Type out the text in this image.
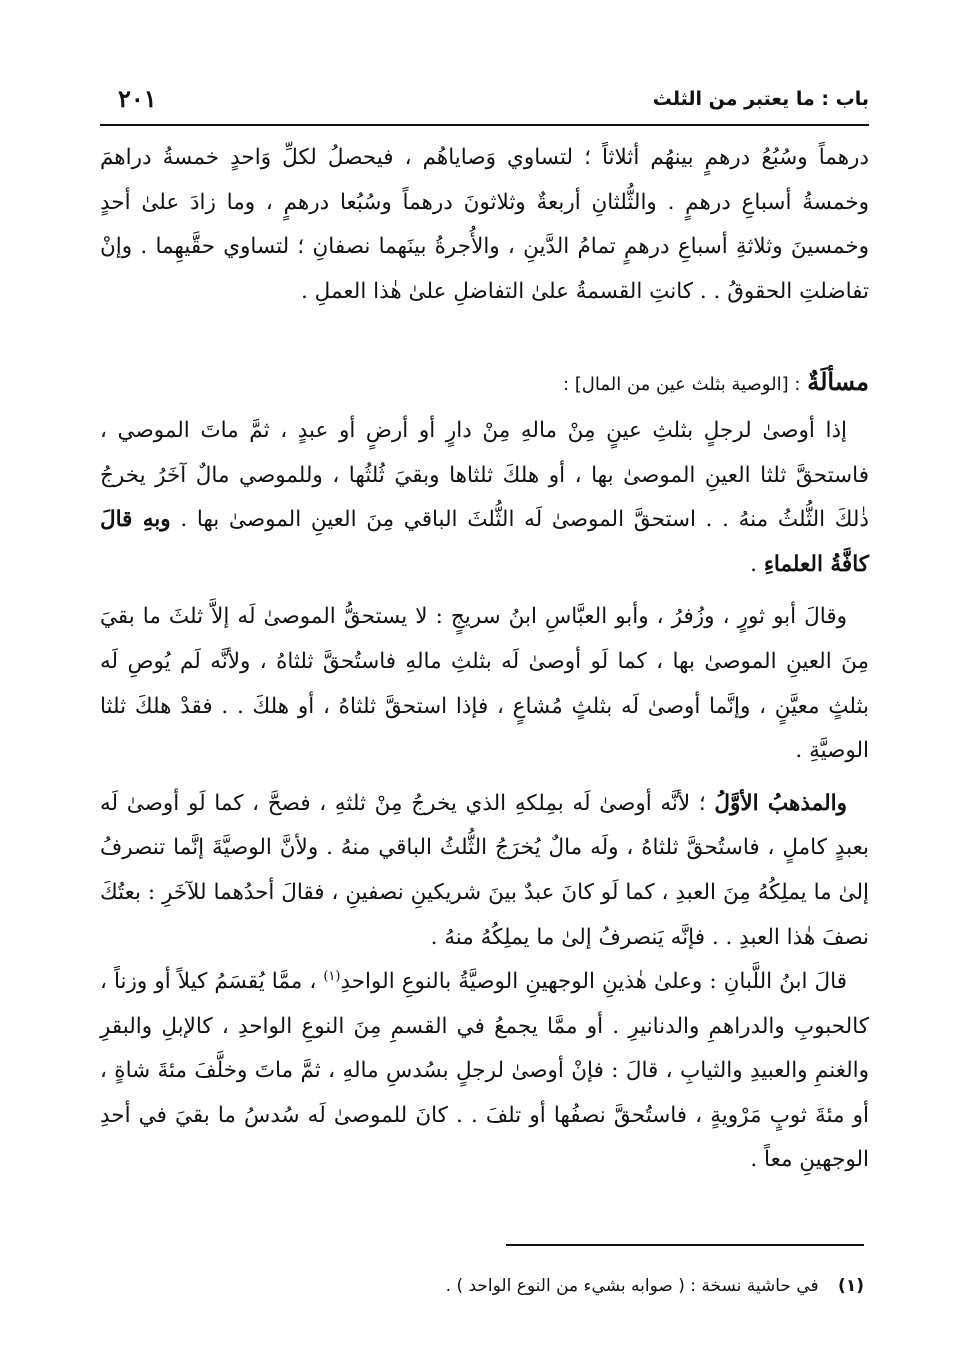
باب : ما يعتبر من الثلث
٢٠١

درهماً وسُبُعُ درهمٍ بينهُم أثلاثاً ؛ لتساوي وَصاياهُم ، فيحصلُ لكلِّ وَاحدٍ خمسةُ دراهمَ وخمسةُ أسباعِ درهمٍ . والثُّلثانِ أربعةٌ وثلاثونَ درهماً وسُبُعا درهمٍ ، وما زادَ علىٰ أحدٍ وخمسينَ وثلاثةِ أسباعِ درهمٍ تمامُ الدَّينِ ، والأُجرةُ بينَهما نصفانِ ؛ لتساوي حقَّيهِما . وإنْ تفاضلتِ الحقوقُ . . كانتِ القسمةُ علىٰ التفاضلِ علىٰ هٰذا العملِ .

مسألَةٌ : [الوصية بثلث عين من المال] :

إذا أوصىٰ لرجلٍ بثلثِ عينٍ مِنْ مالهِ مِنْ دارٍ أو أرضٍ أو عبدٍ ، ثمَّ ماتَ الموصي ، فاستحقَّ ثلثا العينِ الموصىٰ بها ، أو هلكَ ثلثاها وبقيَ ثُلثُها ، وللموصي مالٌ آخَرُ يخرجُ ذٰلكَ الثُّلثُ منهُ . . استحقَّ الموصىٰ لَه الثُّلثَ الباقي مِنَ العينِ الموصىٰ بها . وبهِ قالَ كافَّةُ العلماءِ .

وقالَ أبو ثورٍ ، وزُفرُ ، وأبو العبَّاسِ ابنُ سريجٍ : لا يستحقُّ الموصىٰ لَه إلاَّ ثلثَ ما بقيَ مِنَ العينِ الموصىٰ بها ، كما لَو أوصىٰ لَه بثلثِ مالهِ فاستُحقَّ ثلثاهُ ، ولأنَّه لَم يُوصِ لَه بثلثٍ معيَّنٍ ، وإنَّما أوصىٰ لَه بثلثٍ مُشاعٍ ، فإذا استحقَّ ثلثاهُ ، أو هلكَ . . فقدْ هلكَ ثلثا الوصيَّةِ .

والمذهبُ الأوَّلُ ؛ لأنَّه أوصىٰ لَه بمِلكهِ الذي يخرجُ مِنْ ثلثهِ ، فصحَّ ، كما لَو أوصىٰ لَه بعبدٍ كاملٍ ، فاستُحقَّ ثلثاهُ ، ولَه مالٌ يُخرَجُ الثُّلثُ الباقي منهُ . ولأنَّ الوصيَّةَ إنَّما تنصرفُ إلىٰ ما يملِكُهُ مِنَ العبدِ ، كما لَو كانَ عبدٌ بينَ شريكينِ نصفينِ ، فقالَ أحدُهما للآخَرِ : بعتُكَ نصفَ هٰذا العبدِ . . فإنَّه يَنصرفُ إلىٰ ما يملِكُهُ منهُ .

قالَ ابنُ اللَّبانِ : وعلىٰ هٰذينِ الوجهينِ الوصيَّةُ بالنوعِ الواحدِ$^{(١)}$ ، ممَّا يُقسَمُ كيلاً أو وزناً ، كالحبوبِ والدراهمِ والدنانيرِ . أو ممَّا يجمعُ في القسمِ مِنَ النوعِ الواحدِ ، كالإبلِ والبقرِ والغنمِ والعبيدِ والثيابِ ، قالَ : فإنْ أوصىٰ لرجلٍ بسُدسِ مالهِ ، ثمَّ ماتَ وخلَّفَ مئةَ شاةٍ ، أو مئةَ ثوبٍ مَرْويةٍ ، فاستُحقَّ نصفُها أو تلفَ . . كانَ للموصىٰ لَه سُدسُ ما بقيَ في أحدِ الوجهينِ معاً .

(١) في حاشية نسخة : ( صوابه بشيء من النوع الواحد ) .
